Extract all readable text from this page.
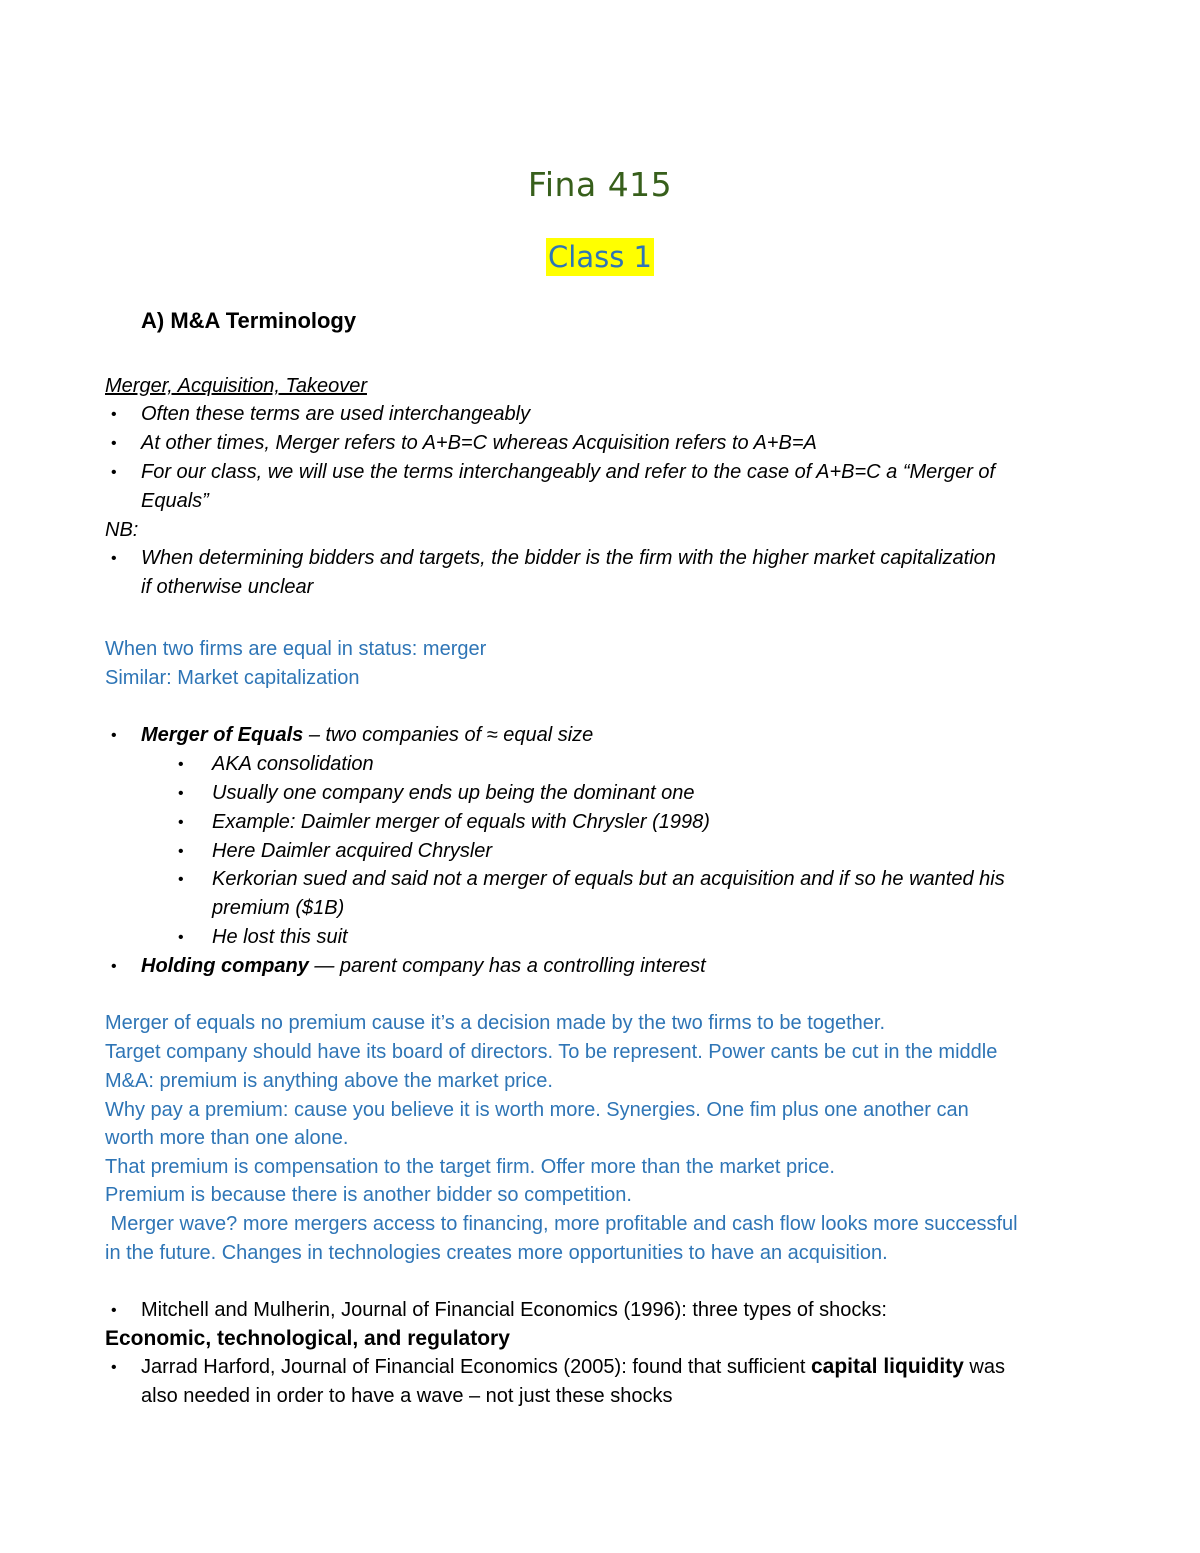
Fina 415
Class 1
A) M&A Terminology
Merger, Acquisition, Takeover
• Often these terms are used interchangeably
• At other times, Merger refers to A+B=C whereas Acquisition refers to A+B=A
• For our class, we will use the terms interchangeably and refer to the case of A+B=C a “Merger of
Equals”
NB:
• When determining bidders and targets, the bidder is the firm with the higher market capitalization
if otherwise unclear
When two firms are equal in status: merger
Similar: Market capitalization
• Merger of Equals – two companies of ≈ equal size
• AKA consolidation
• Usually one company ends up being the dominant one
• Example: Daimler merger of equals with Chrysler (1998)
• Here Daimler acquired Chrysler
• Kerkorian sued and said not a merger of equals but an acquisition and if so he wanted his
premium ($1B)
• He lost this suit
• Holding company — parent company has a controlling interest
Merger of equals no premium cause it’s a decision made by the two firms to be together.
Target company should have its board of directors. To be represent. Power cants be cut in the middle
M&A: premium is anything above the market price.
Why pay a premium: cause you believe it is worth more. Synergies. One fim plus one another can
worth more than one alone.
That premium is compensation to the target firm. Offer more than the market price.
Premium is because there is another bidder so competition.
Merger wave? more mergers access to financing, more profitable and cash flow looks more successful
in the future. Changes in technologies creates more opportunities to have an acquisition.
• Mitchell and Mulherin, Journal of Financial Economics (1996): three types of shocks:
Economic, technological, and regulatory
• Jarrad Harford, Journal of Financial Economics (2005): found that sufficient capital liquidity was
also needed in order to have a wave – not just these shocks
